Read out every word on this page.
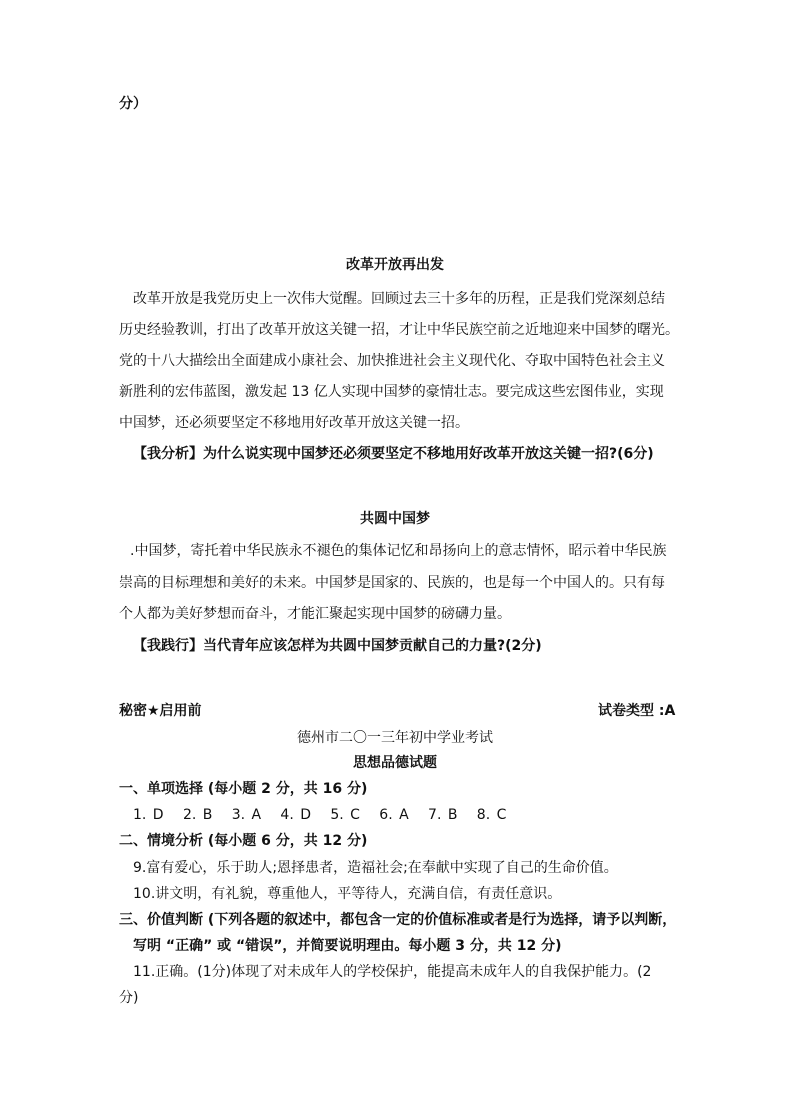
分）
改革开放再出发
改革开放是我党历史上一次伟大觉醒。回顾过去三十多年的历程，正是我们党深刻总结
历史经验教训，打出了改革开放这关键一招，才让中华民族空前之近地迎来中国梦的曙光。
党的十八大描绘出全面建成小康社会、加快推进社会主义现代化、夺取中国特色社会主义
新胜利的宏伟蓝图，激发起 13 亿人实现中国梦的豪情壮志。要完成这些宏图伟业，实现
中国梦，还必须要坚定不移地用好改革开放这关键一招。
【我分析】为什么说实现中国梦还必须要坚定不移地用好改革开放这关键一招?(6分)
共圆中国梦
.中国梦，寄托着中华民族永不褪色的集体记忆和昂扬向上的意志情怀，昭示着中华民族
崇高的目标理想和美好的未来。中国梦是国家的、民族的，也是每一个中国人的。只有每
个人都为美好梦想而奋斗，才能汇聚起实现中国梦的磅礴力量。
【我践行】当代青年应该怎样为共圆中国梦贡献自己的力量?(2分)
秘密★启用前	试卷类型 :A
德州市二〇一三年初中学业考试
思想品德试题
一、单项选择 (每小题 2 分，共 16 分)
1. D   2. B   3. A   4. D   5. C   6. A   7. B   8. C
二、情境分析 (每小题 6 分，共 12 分)
9.富有爱心，乐于助人;恩择患者，造福社会;在奉献中实现了自己的生命价值。
10.讲文明，有礼貌，尊重他人，平等待人，充满自信，有责任意识。
三、价值判断 (下列各题的叙述中，都包含一定的价值标准或者是行为选择，请予以判断，
写明 “正确” 或 “错误”，并简要说明理由。每小题 3 分，共 12 分)
11.正确。(1分)体现了对未成年人的学校保护，能提高未成年人的自我保护能力。(2
分)
